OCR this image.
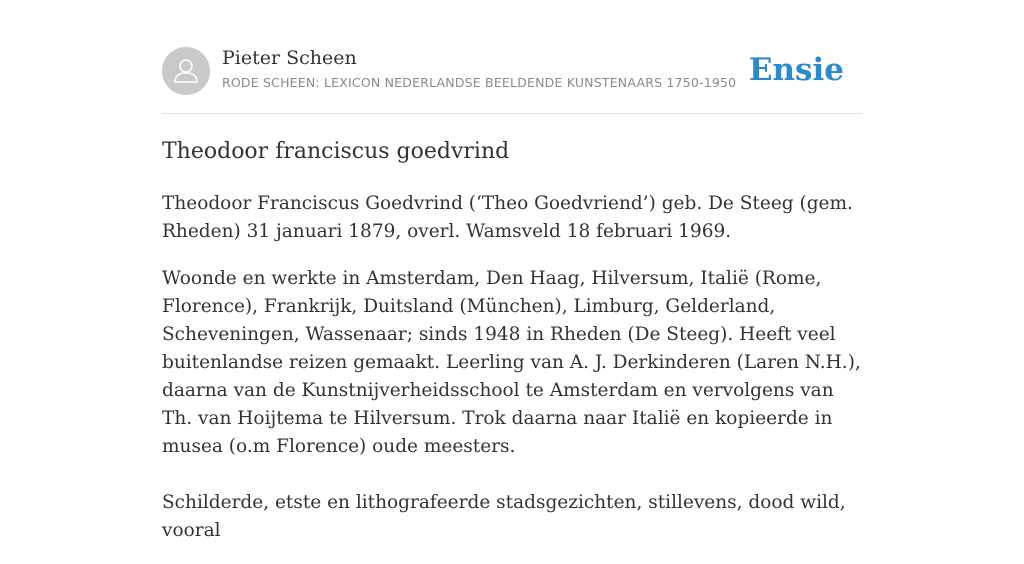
Pieter Scheen
RODE SCHEEN: LEXICON NEDERLANDSE BEELDENDE KUNSTENAARS 1750-1950 Ensie
Theodoor franciscus goedvrind

Theodoor Franciscus Goedvrind (‘Theo Goedvriend’) geb. De Steeg (gem. Rheden) 31 januari 1879, overl. Wamsveld 18 februari 1969.

Woonde en werkte in Amsterdam, Den Haag, Hilversum, Italië (Rome, Florence), Frankrijk, Duitsland (München), Limburg, Gelderland, Scheveningen, Wassenaar; sinds 1948 in Rheden (De Steeg). Heeft veel buitenlandse reizen gemaakt. Leerling van A. J. Derkinderen (Laren N.H.), daarna van de Kunstnijverheidsschool te Amsterdam en vervolgens van Th. van Hoijtema te Hilversum. Trok daarna naar Italië en kopieerde in musea (o.m Florence) oude meesters.

Schilderde, etste en lithografeerde stadsgezichten, stillevens, dood wild, vooral
